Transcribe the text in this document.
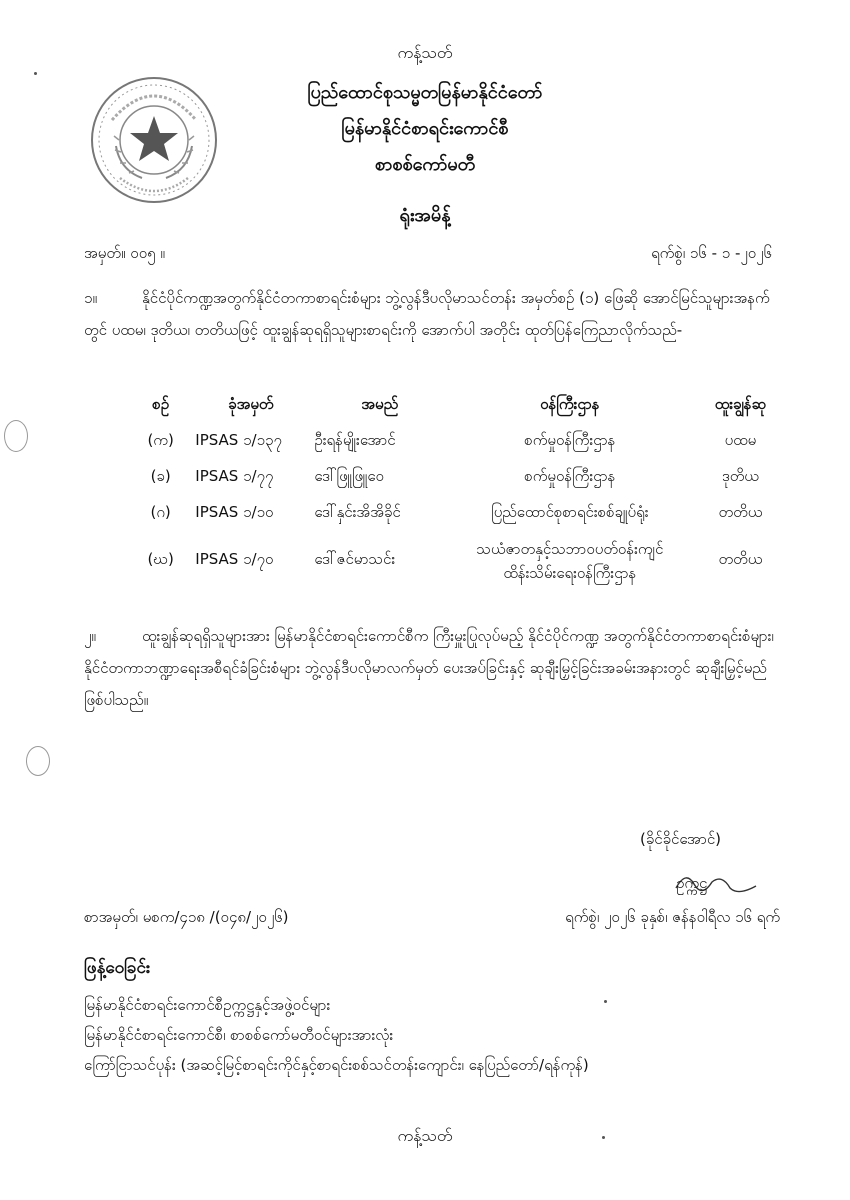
ကန့်သတ်
ပြည်ထောင်စုသမ္မတမြန်မာနိုင်ငံတော်
မြန်မာနိုင်ငံစာရင်းကောင်စီ
စာစစ်ကော်မတီ
ရုံးအမိန့်
အမှတ်။ ၀၀၅ ။	ရက်စွဲ၊ ၁၆ - ၁ -၂၀၂၆
၁။	နိုင်ငံပိုင်ကဏ္ဍအတွက်နိုင်ငံတကာစာရင်းစံများ ဘွဲ့လွန်ဒီပလိုမာသင်တန်း အမှတ်စဉ် (၁) ဖြေဆို အောင်မြင်သူများအနက်တွင် ပထမ၊ ဒုတိယ၊ တတိယဖြင့် ထူးချွန်ဆုရရှိသူများစာရင်းကို အောက်ပါ အတိုင်း ထုတ်ပြန်ကြေညာလိုက်သည်-
စဉ်	ခုံအမှတ်	အမည်	ဝန်ကြီးဌာန	ထူးချွန်ဆု
(က)	IPSAS ၁/၁၃၇	ဦးရန်မျိုးအောင်	စက်မှုဝန်ကြီးဌာန	ပထမ
(ခ)	IPSAS ၁/၇၇	ဒေါ်ဖြူဖြူဝေ	စက်မှုဝန်ကြီးဌာန	ဒုတိယ
(ဂ)	IPSAS ၁/၁၀	ဒေါ်နှင်းအိအိခိုင်	ပြည်ထောင်စုစာရင်းစစ်ချုပ်ရုံး	တတိယ
(ဃ)	IPSAS ၁/၇၀	ဒေါ်ဇင်မာသင်း	သယံဇာတနှင့်သဘာဝပတ်ဝန်းကျင်
ထိန်းသိမ်းရေးဝန်ကြီးဌာန	တတိယ
၂။	ထူးချွန်ဆုရရှိသူများအား မြန်မာနိုင်ငံစာရင်းကောင်စီက ကြီးမှူးပြုလုပ်မည့် နိုင်ငံပိုင်ကဏ္ဍ အတွက်နိုင်ငံတကာစာရင်းစံများ၊ နိုင်ငံတကာဘဏ္ဍာရေးအစီရင်ခံခြင်းစံများ ဘွဲ့လွန်ဒီပလိုမာလက်မှတ် ပေးအပ်ခြင်းနှင့် ဆုချီးမြှင့်ခြင်းအခမ်းအနားတွင် ဆုချီးမြှင့်မည်ဖြစ်ပါသည်။
(ခိုင်ခိုင်အောင်)
ဥက္ကဋ္ဌ
စာအမှတ်၊ မစက/၄၁၈ /(၀၄၈/၂၀၂၆)	ရက်စွဲ၊ ၂၀၂၆ ခုနှစ်၊ ဇန်နဝါရီလ ၁၆ ရက်
ဖြန့်ဝေခြင်း
မြန်မာနိုင်ငံစာရင်းကောင်စီဥက္ကဋ္ဌနှင့်အဖွဲ့ဝင်များ
မြန်မာနိုင်ငံစာရင်းကောင်စီ၊ စာစစ်ကော်မတီဝင်များအားလုံး
ကြော်ငြာသင်ပုန်း (အဆင့်မြင့်စာရင်းကိုင်နှင့်စာရင်းစစ်သင်တန်းကျောင်း၊ နေပြည်တော်/ရန်ကုန်)
ကန့်သတ်
